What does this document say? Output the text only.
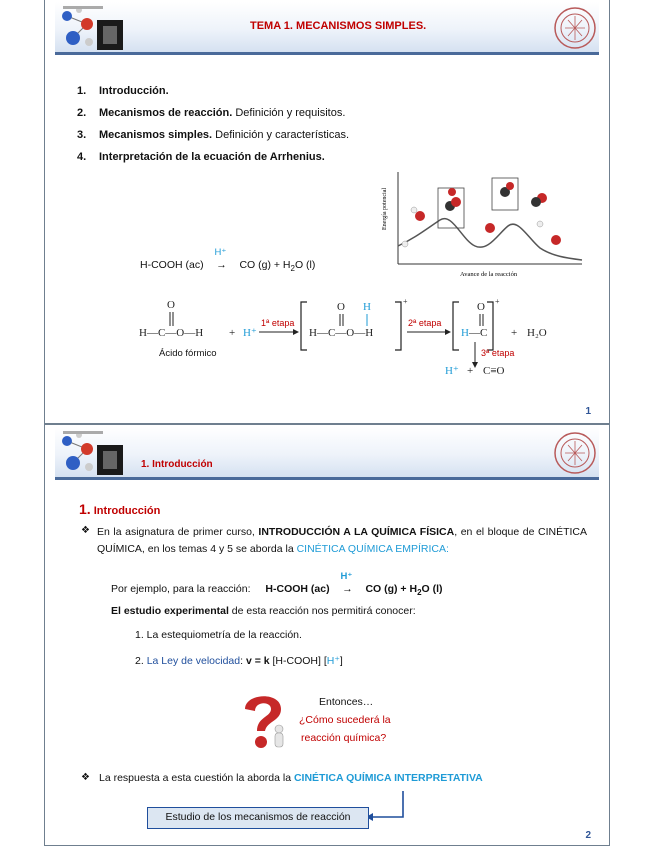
TEMA 1. MECANISMOS SIMPLES.
1. Introducción.
2. Mecanismos de reacción. Definición y requisitos.
3. Mecanismos simples. Definición y características.
4. Interpretación de la ecuación de Arrhenius.
Energía potencial
Avance de la reacción
H-COOH (ac)
H⁺
→ CO $(g) + H_2O$ (l)
O
H—C—O—H + H⁺
O H
H—C—O—H
+	O
H —C
+
+ H₂O
H⁺ + C≡O
1ª etapa	2ª etapa
3ª etapa
Ácido fórmico
1
1. Introducción
1. Introducción
❖ En la asignatura de primer curso, INTRODUCCIÓN A LA QUÍMICA FÍSICA, en el bloque de CINÉTICA QUÍMICA, en los temas 4 y 5 se aborda la CINÉTICA QUÍMICA EMPÍRICA:
Por ejemplo, para la reacción: H-COOH (ac)
H⁺
→ CO $(g) + H_2O$ (l)
El estudio experimental de esta reacción nos permitirá conocer:
1. La estequiometría de la reacción.
2. La Ley de velocidad: v = k [H-COOH] [H⁺]
Entonces…
¿Cómo sucederá la
reacción química?
❖ La respuesta a esta cuestión la aborda la CINÉTICA QUÍMICA INTERPRETATIVA
Estudio de los mecanismos de reacción
2
